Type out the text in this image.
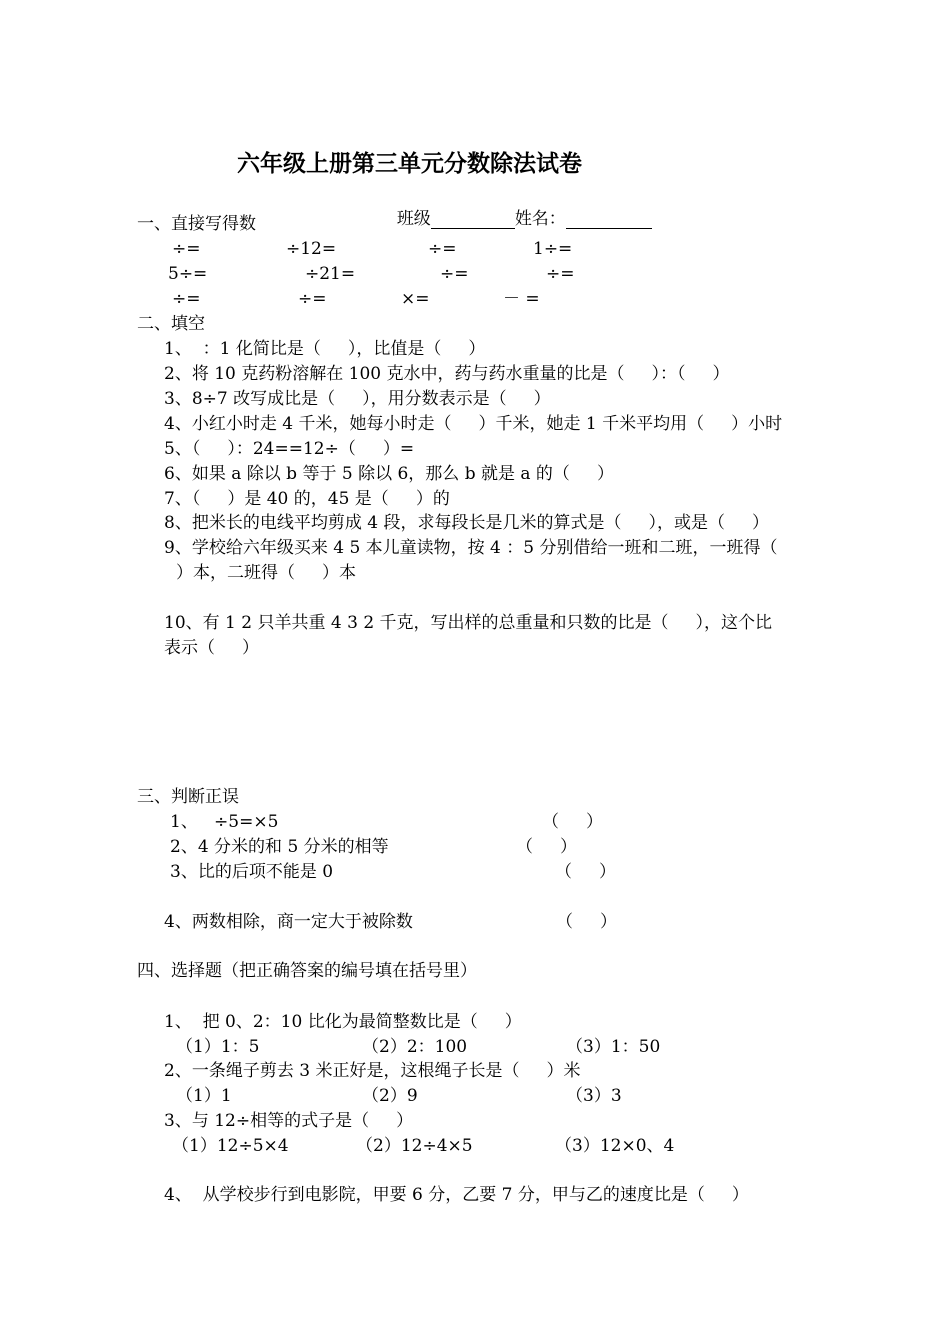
六年级上册第三单元分数除法试卷

班级	姓名：

一、直接写得数
÷=	÷12=	÷=	1÷=
5÷=	÷21=	÷=	÷=
÷=	÷=	×=	－ =
二、填空
1、  ：1 化简比是（     ），比值是（     ）
2、将 10 克药粉溶解在 100 克水中，药与药水重量的比是（     ）：（     ）
3、8÷7 改写成比是（     ），用分数表示是（     ）
4、小红小时走 4 千米，她每小时走（     ）千米，她走 1 千米平均用（     ）小时
5、（     ）：24==12÷（     ）=
6、如果 a 除以 b 等于 5 除以 6，那么 b 就是 a 的（     ）
7、（     ）是 40 的，45 是（     ）的
8、把米长的电线平均剪成 4 段，求每段长是几米的算式是（     ），或是（     ）
9、学校给六年级买来 4 5 本儿童读物，按 4 ：5 分别借给一班和二班，一班得（
）本，二班得（     ）本
10、有 1 2 只羊共重 4 3 2 千克，写出样的总重量和只数的比是（     ），这个比
表示（     ）
三、判断正误
1、   ÷5=×5	（     ）
2、4 分米的和 5 分米的相等	（     ）
3、比的后项不能是 0	（     ）
4、两数相除，商一定大于被除数	（     ）
四、选择题（把正确答案的编号填在括号里）
1、  把 0、2：10 比化为最简整数比是（     ）
（1）1：5	（2）2：100	（3）1：50
2、一条绳子剪去 3 米正好是，这根绳子长是（     ）米
（1）1	（2）9	（3）3
3、与 12÷相等的式子是（     ）
（1）12÷5×4	（2）12÷4×5	（3）12×0、4
4、  从学校步行到电影院，甲要 6 分，乙要 7 分，甲与乙的速度比是（     ）
